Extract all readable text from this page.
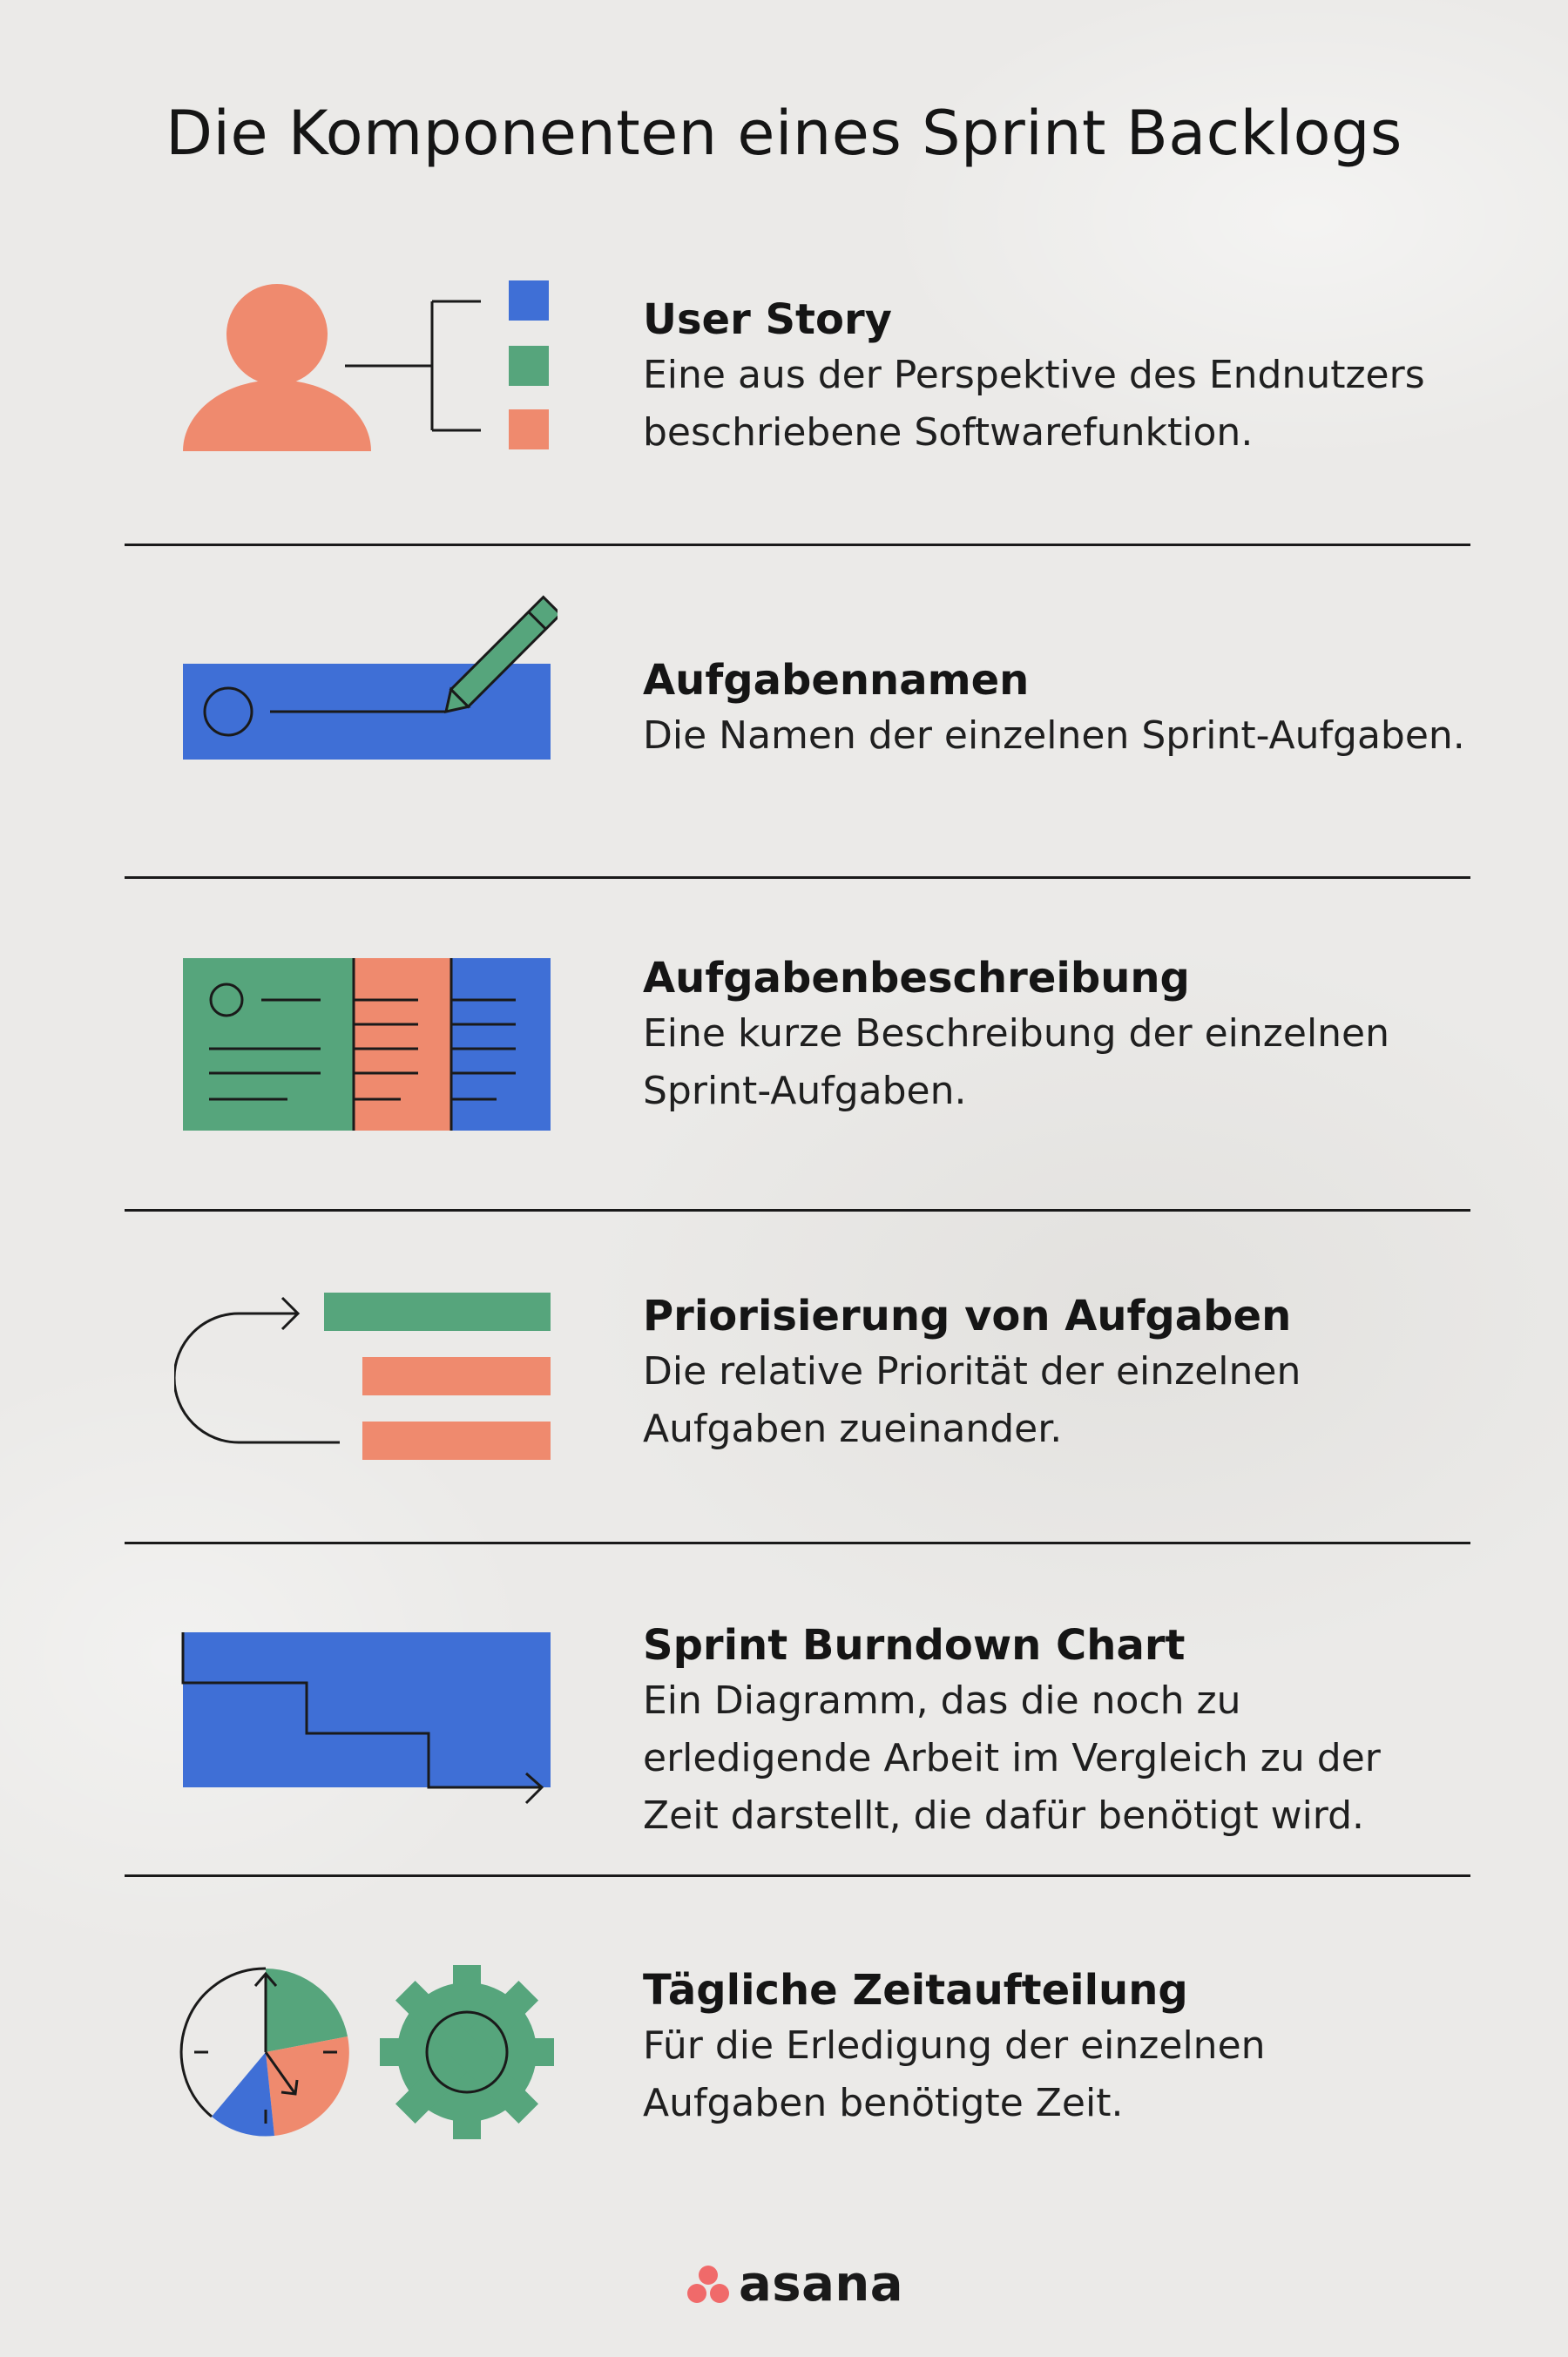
Die Komponenten eines Sprint Backlogs
User Story
Eine aus der Perspektive des Endnutzers
beschriebene Softwarefunktion.
Aufgabennamen
Die Namen der einzelnen Sprint-Aufgaben.
Aufgabenbeschreibung
Eine kurze Beschreibung der einzelnen
Sprint-Aufgaben.
Priorisierung von Aufgaben
Die relative Priorität der einzelnen
Aufgaben zueinander.
Sprint Burndown Chart
Ein Diagramm, das die noch zu
erledigende Arbeit im Vergleich zu der
Zeit darstellt, die dafür benötigt wird.
Tägliche Zeitaufteilung
Für die Erledigung der einzelnen
Aufgaben benötigte Zeit.
asana
